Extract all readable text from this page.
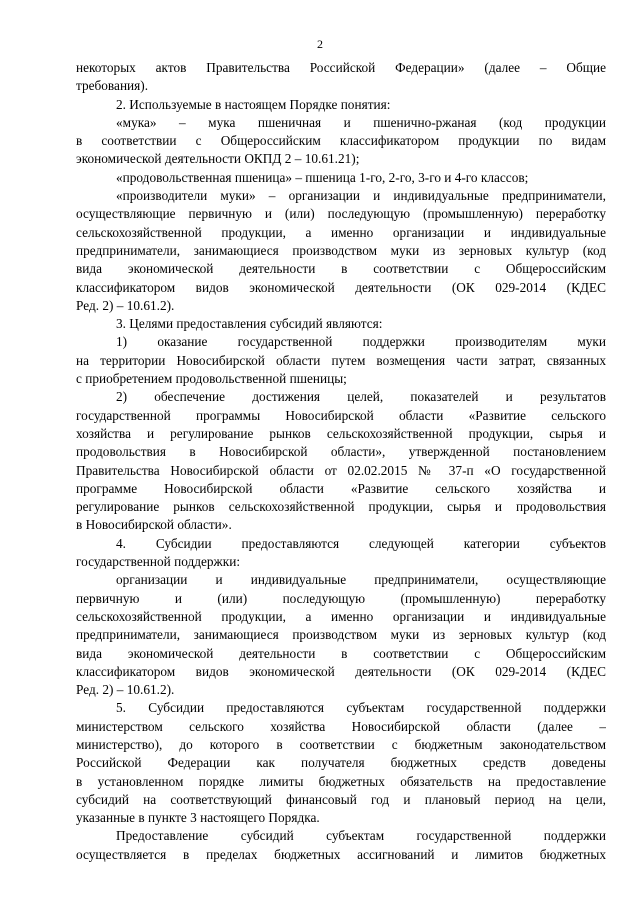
2
некоторых актов Правительства Российской Федерации» (далее – Общие
требования).
2. Используемые в настоящем Порядке понятия:
«мука» – мука пшеничная и пшенично-ржаная (код продукции
в соответствии с Общероссийским классификатором продукции по видам
экономической деятельности ОКПД 2 – 10.61.21);
«продовольственная пшеница» – пшеница 1-го, 2-го, 3-го и 4-го классов;
«производители муки» – организации и индивидуальные предприниматели,
осуществляющие первичную и (или) последующую (промышленную) переработку
сельскохозяйственной продукции, а именно организации и индивидуальные
предприниматели, занимающиеся производством муки из зерновых культур (код
вида экономической деятельности в соответствии с Общероссийским
классификатором видов экономической деятельности (ОК 029-2014 (КДЕС
Ред. 2) – 10.61.2).
3. Целями предоставления субсидий являются:
1) оказание государственной поддержки производителям муки
на территории Новосибирской области путем возмещения части затрат, связанных
с приобретением продовольственной пшеницы;
2) обеспечение достижения целей, показателей и результатов
государственной программы Новосибирской области «Развитие сельского
хозяйства и регулирование рынков сельскохозяйственной продукции, сырья и
продовольствия в Новосибирской области», утвержденной постановлением
Правительства Новосибирской области от 02.02.2015 № 37-п «О государственной
программе Новосибирской области «Развитие сельского хозяйства и
регулирование рынков сельскохозяйственной продукции, сырья и продовольствия
в Новосибирской области».
4. Субсидии предоставляются следующей категории субъектов
государственной поддержки:
организации и индивидуальные предприниматели, осуществляющие
первичную и (или) последующую (промышленную) переработку
сельскохозяйственной продукции, а именно организации и индивидуальные
предприниматели, занимающиеся производством муки из зерновых культур (код
вида экономической деятельности в соответствии с Общероссийским
классификатором видов экономической деятельности (ОК 029-2014 (КДЕС
Ред. 2) – 10.61.2).
5. Субсидии предоставляются субъектам государственной поддержки
министерством сельского хозяйства Новосибирской области (далее –
министерство), до которого в соответствии с бюджетным законодательством
Российской Федерации как получателя бюджетных средств доведены
в установленном порядке лимиты бюджетных обязательств на предоставление
субсидий на соответствующий финансовый год и плановый период на цели,
указанные в пункте 3 настоящего Порядка.
Предоставление субсидий субъектам государственной поддержки
осуществляется в пределах бюджетных ассигнований и лимитов бюджетных
